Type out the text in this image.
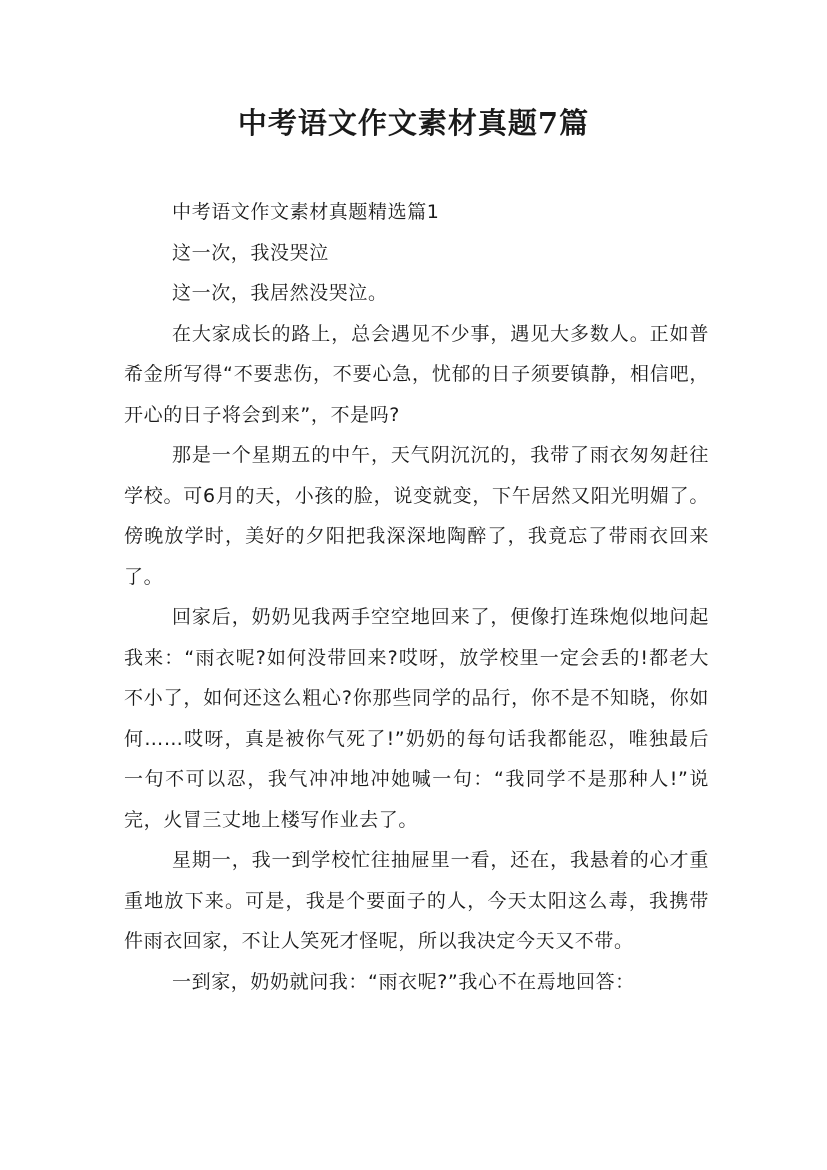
中考语文作文素材真题7篇

中考语文作文素材真题精选篇1

这一次，我没哭泣

这一次，我居然没哭泣。

在大家成长的路上，总会遇见不少事，遇见大多数人。正如普希金所写得“不要悲伤，不要心急，忧郁的日子须要镇静，相信吧，开心的日子将会到来”，不是吗?

那是一个星期五的中午，天气阴沉沉的，我带了雨衣匆匆赶往学校。可6月的天，小孩的脸，说变就变，下午居然又阳光明媚了。傍晚放学时，美好的夕阳把我深深地陶醉了，我竟忘了带雨衣回来了。

回家后，奶奶见我两手空空地回来了，便像打连珠炮似地问起我来：“雨衣呢?如何没带回来?哎呀，放学校里一定会丢的!都老大不小了，如何还这么粗心?你那些同学的品行，你不是不知晓，你如何……哎呀，真是被你气死了!”奶奶的每句话我都能忍，唯独最后一句不可以忍，我气冲冲地冲她喊一句：“我同学不是那种人!”说完，火冒三丈地上楼写作业去了。

星期一，我一到学校忙往抽屉里一看，还在，我悬着的心才重重地放下来。可是，我是个要面子的人，今天太阳这么毒，我携带件雨衣回家，不让人笑死才怪呢，所以我决定今天又不带。

一到家，奶奶就问我：“雨衣呢?”我心不在焉地回答：
